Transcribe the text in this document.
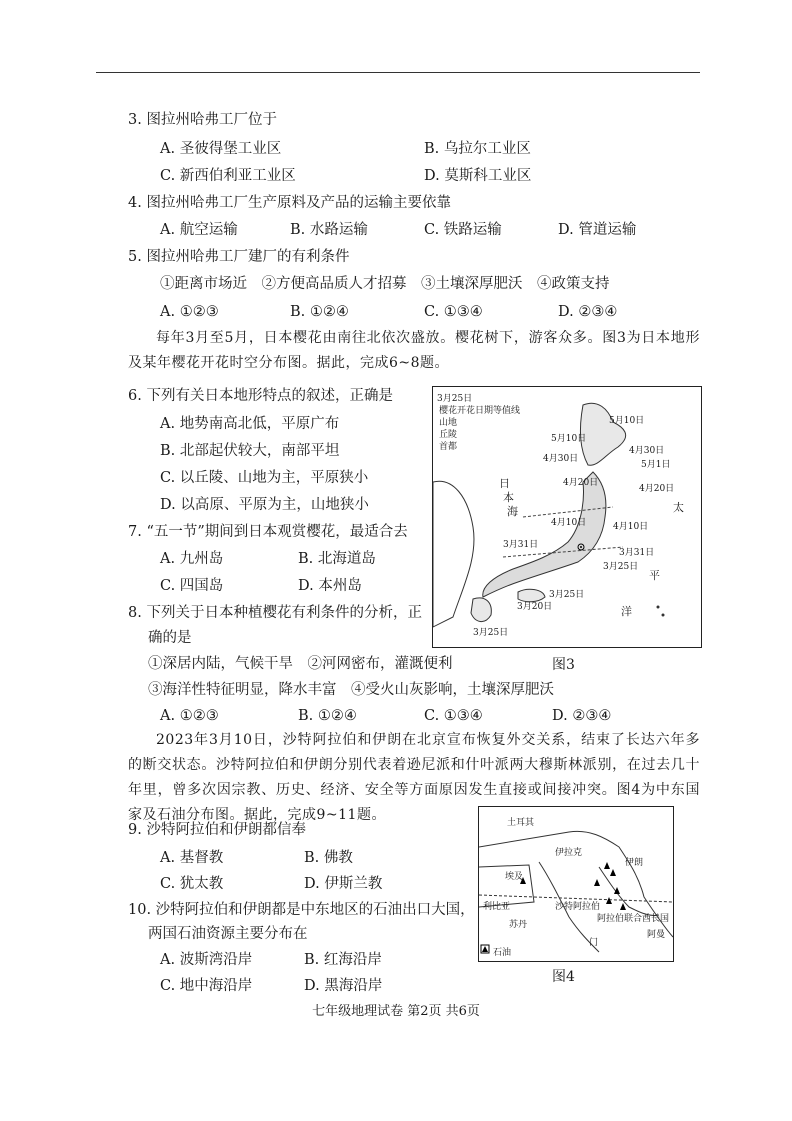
3. 图拉州哈弗工厂位于
A. 圣彼得堡工业区	B. 乌拉尔工业区
C. 新西伯利亚工业区	D. 莫斯科工业区
4. 图拉州哈弗工厂生产原料及产品的运输主要依靠
A. 航空运输	B. 水路运输	C. 铁路运输	D. 管道运输
5. 图拉州哈弗工厂建厂的有利条件
①距离市场近　②方便高品质人才招募　③土壤深厚肥沃　④政策支持
A. ①②③	B. ①②④	C. ①③④	D. ②③④
每年3月至5月，日本樱花由南往北依次盛放。樱花树下，游客众多。图3为日本地形及某年樱花开花时空分布图。据此，完成6~8题。
6. 下列有关日本地形特点的叙述，正确是
A. 地势南高北低，平原广布
B. 北部起伏较大，南部平坦
C. 以丘陵、山地为主，平原狭小
D. 以高原、平原为主，山地狭小
7. “五一节”期间到日本观赏樱花，最适合去
A. 九州岛	B. 北海道岛
C. 四国岛	D. 本州岛
8. 下列关于日本种植樱花有利条件的分析，正
确的是
①深居内陆，气候干旱　②河网密布，灌溉便利
③海洋性特征明显，降水丰富　④受火山灰影响，土壤深厚肥沃
A. ①②③	B. ①②④	C. ①③④	D. ②③④
3月25日
樱花开花日期等值线
山地
丘陵
首都
5月10日
5月10日
4月30日
5月1日
4月30日
4月20日
4月20日
4月10日
4月10日
3月31日
3月31日
3月25日
3月25日
3月20日
3月25日
日
本
海	太
平
洋
图3
2023年3月10日，沙特阿拉伯和伊朗在北京宣布恢复外交关系，结束了长达六年多的断交状态。沙特阿拉伯和伊朗分别代表着逊尼派和什叶派两大穆斯林派别，在过去几十年里，曾多次因宗教、历史、经济、安全等方面原因发生直接或间接冲突。图4为中东国家及石油分布图。据此，完成9~11题。
9. 沙特阿拉伯和伊朗都信奉
A. 基督教	B. 佛教
C. 犹太教	D. 伊斯兰教
10. 沙特阿拉伯和伊朗都是中东地区的石油出口大国，
两国石油资源主要分布在
A. 波斯湾沿岸	B. 红海沿岸
C. 地中海沿岸	D. 黑海沿岸
土耳其
伊朗
伊拉克
埃及
沙特阿拉伯
阿拉伯联合酋长国
阿曼
门
苏丹
利比亚
石油
图4
七年级地理试卷 第2页 共6页
